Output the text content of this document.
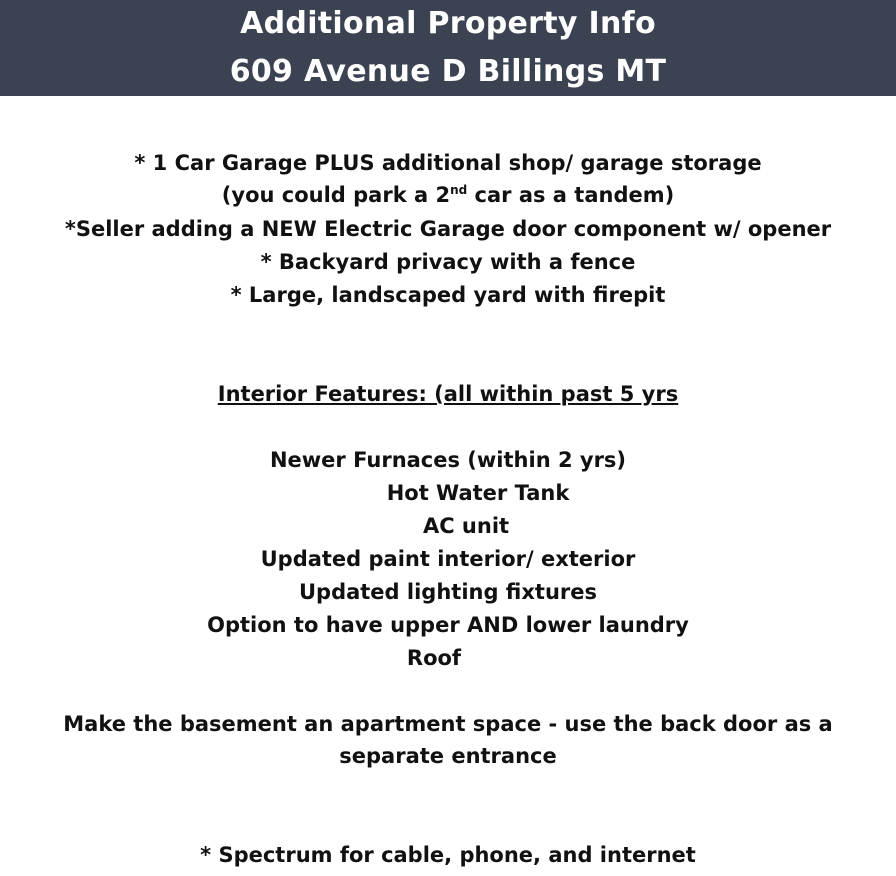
Additional Property Info
609 Avenue D Billings MT
* 1 Car Garage PLUS additional shop/ garage storage
(you could park a 2nd car as a tandem)
*Seller adding a NEW Electric Garage door component w/ opener
* Backyard privacy with a fence
* Large, landscaped yard with firepit
Interior Features: (all within past 5 yrs
Newer Furnaces (within 2 yrs)
Hot Water Tank
AC unit
Updated paint interior/ exterior
Updated lighting fixtures
Option to have upper AND lower laundry
Roof
Make the basement an apartment space - use the back door as a
separate entrance
* Spectrum for cable, phone, and internet
